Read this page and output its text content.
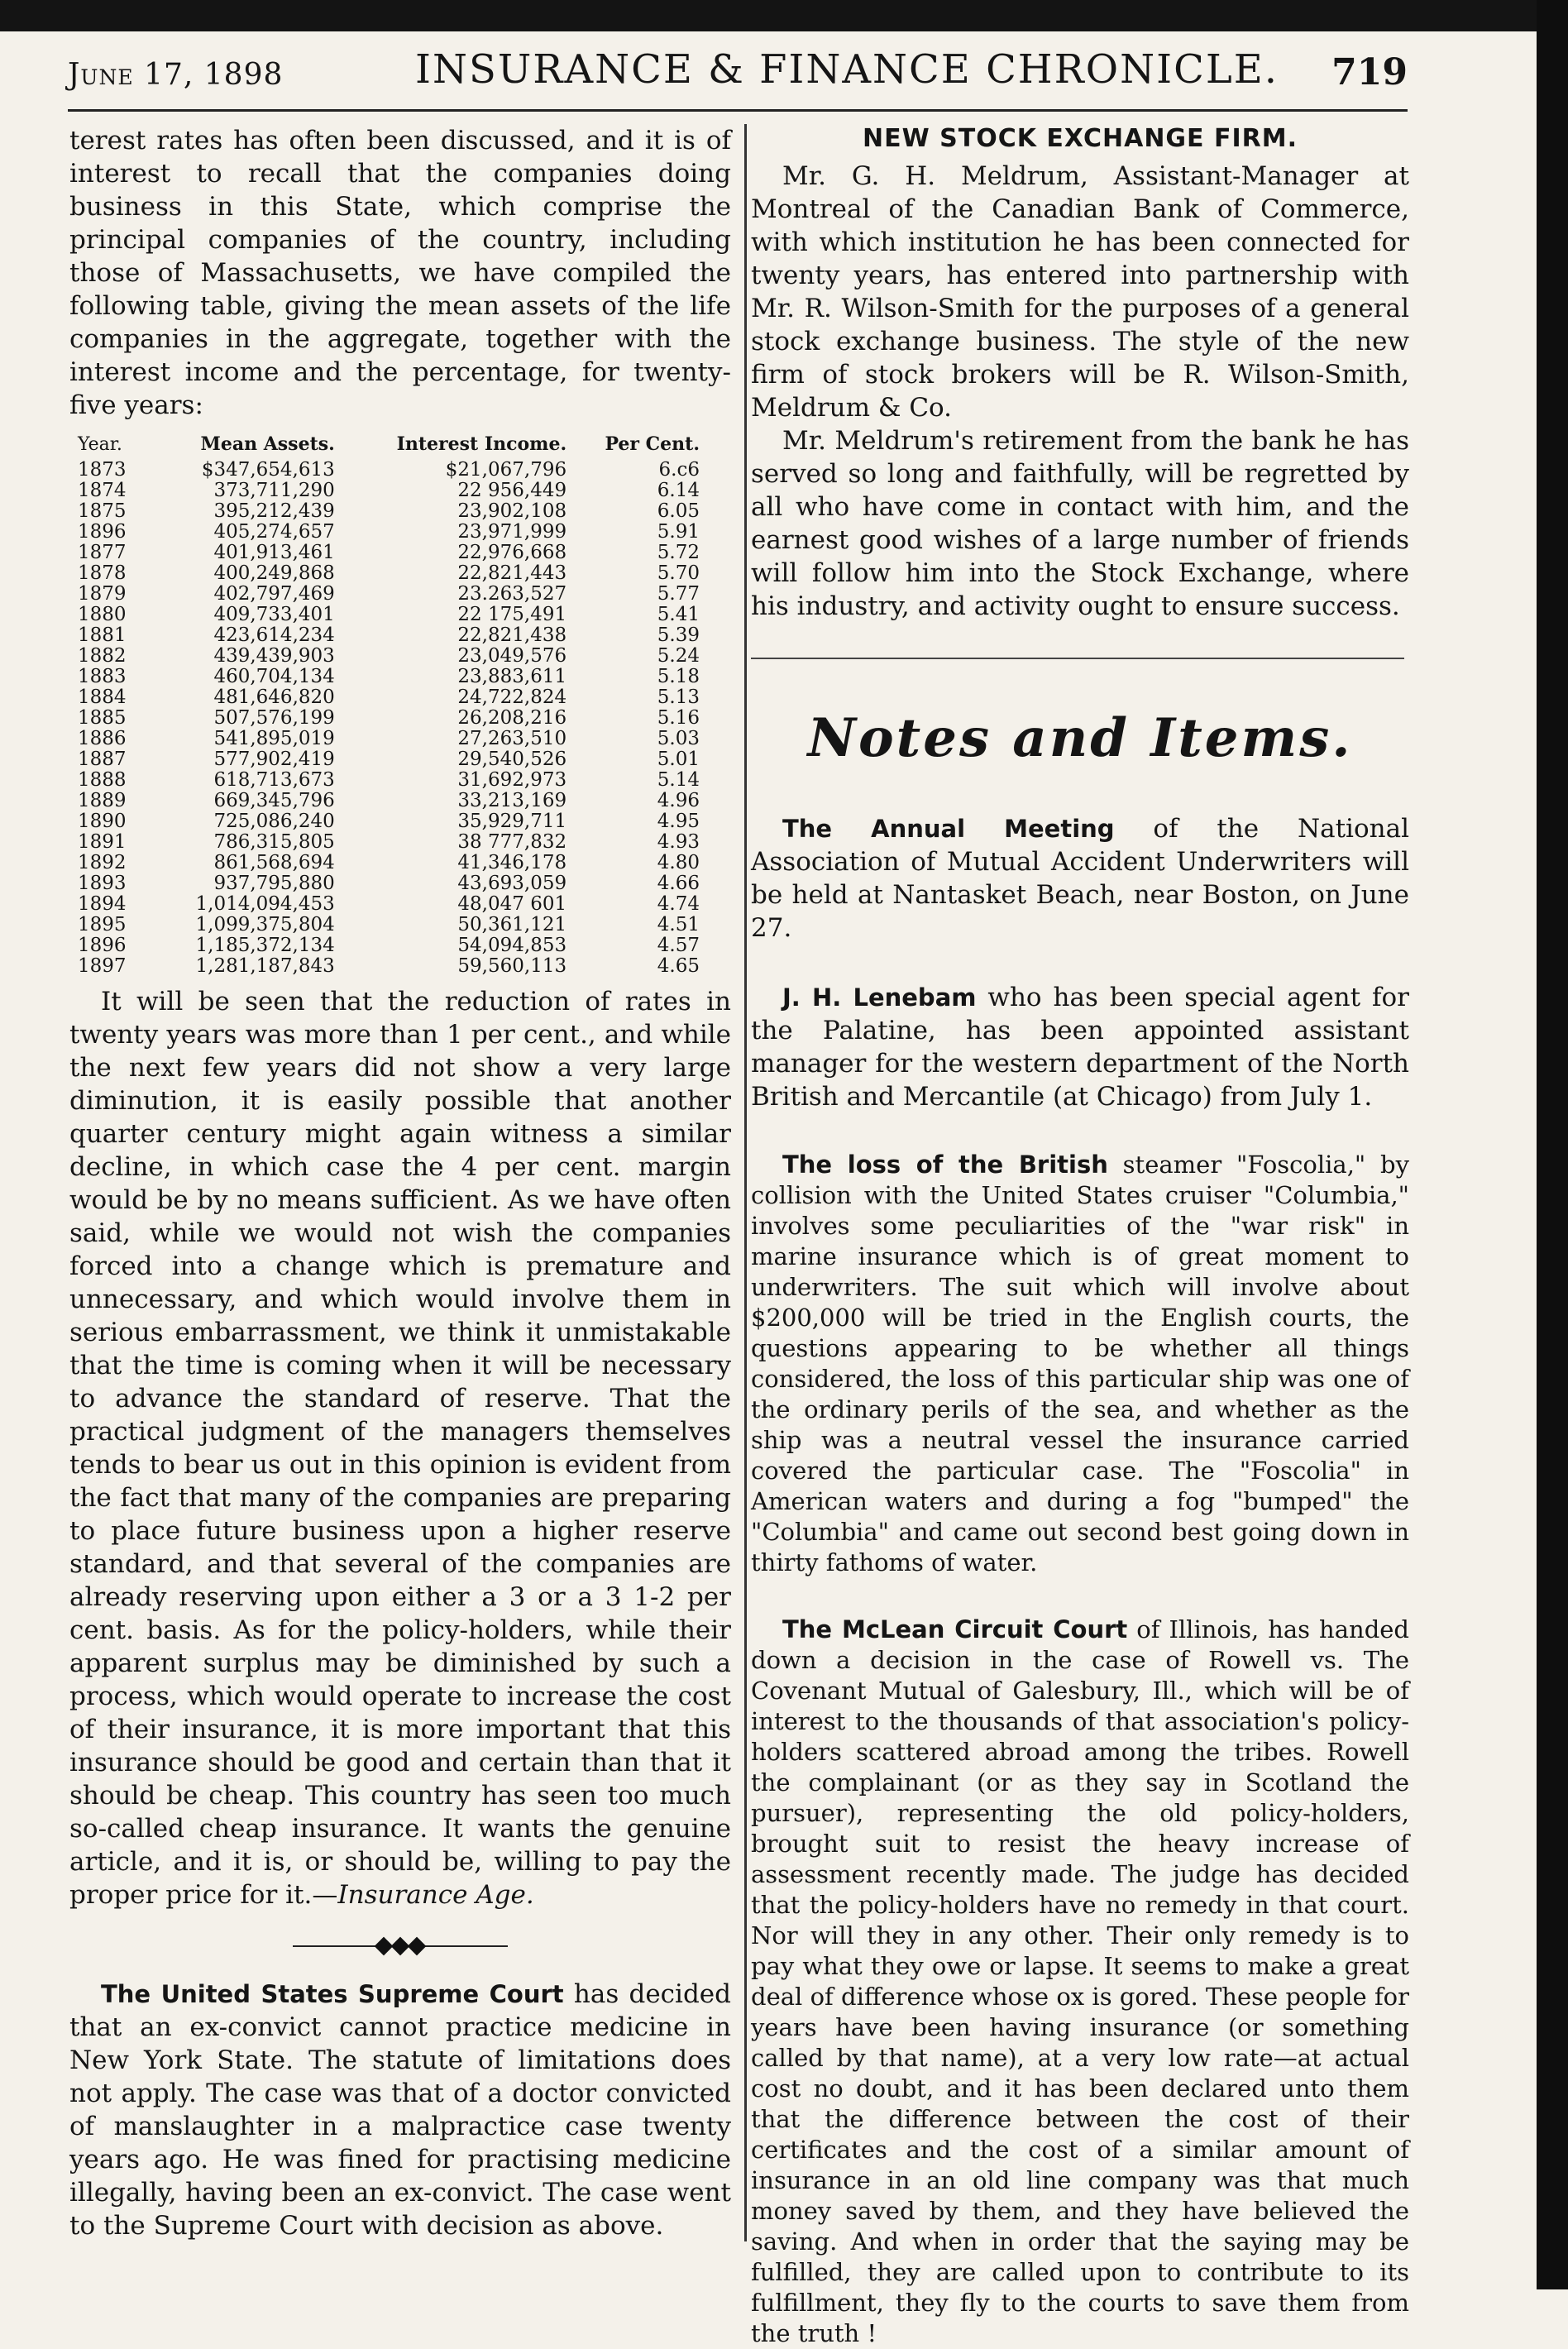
June 17, 1898	INSURANCE & FINANCE CHRONICLE. 719

terest rates has often been discussed, and it is of interest to recall that the companies doing business in this State, which comprise the principal companies of the country, including those of Massachusetts, we have compiled the following table, giving the mean assets of the life companies in the aggregate, together with the interest income and the percentage, for twenty-five years:

Year.	Mean Assets.	Interest Income.	Per Cent.
1873	$347,654,613	$21,067,796	6.c6
1874	373,711,290	22 956,449	6.14
1875	395,212,439	23,902,108	6.05
1896	405,274,657	23,971,999	5.91
1877	401,913,461	22,976,668	5.72
1878	400,249,868	22,821,443	5.70
1879	402,797,469	23.263,527	5.77
1880	409,733,401	22 175,491	5.41
1881	423,614,234	22,821,438	5.39
1882	439,439,903	23,049,576	5.24
1883	460,704,134	23,883,611	5.18
1884	481,646,820	24,722,824	5.13
1885	507,576,199	26,208,216	5.16
1886	541,895,019	27,263,510	5.03
1887	577,902,419	29,540,526	5.01
1888	618,713,673	31,692,973	5.14
1889	669,345,796	33,213,169	4.96
1890	725,086,240	35,929,711	4.95
1891	786,315,805	38 777,832	4.93
1892	861,568,694	41,346,178	4.80
1893	937,795,880	43,693,059	4.66
1894	1,014,094,453	48,047 601	4.74
1895	1,099,375,804	50,361,121	4.51
1896	1,185,372,134	54,094,853	4.57
1897	1,281,187,843	59,560,113	4.65

It will be seen that the reduction of rates in twenty years was more than 1 per cent., and while the next few years did not show a very large diminution, it is easily possible that another quarter century might again witness a similar decline, in which case the 4 per cent. margin would be by no means sufficient. As we have often said, while we would not wish the companies forced into a change which is premature and unnecessary, and which would involve them in serious embarrassment, we think it unmistakable that the time is coming when it will be necessary to advance the standard of reserve. That the practical judgment of the managers themselves tends to bear us out in this opinion is evident from the fact that many of the companies are preparing to place future business upon a higher reserve standard, and that several of the companies are already reserving upon either a 3 or a 3 1-2 per cent. basis. As for the policy-holders, while their apparent surplus may be diminished by such a process, which would operate to increase the cost of their insurance, it is more important that this insurance should be good and certain than that it should be cheap. This country has seen too much so-called cheap insurance. It wants the genuine article, and it is, or should be, willing to pay the proper price for it.—Insurance Age.

The United States Supreme Court has decided that an ex-convict cannot practice medicine in New York State. The statute of limitations does not apply. The case was that of a doctor convicted of manslaughter in a malpractice case twenty years ago. He was fined for practising medicine illegally, having been an ex-convict. The case went to the Supreme Court with decision as above.

NEW STOCK EXCHANGE FIRM.

Mr. G. H. Meldrum, Assistant-Manager at Montreal of the Canadian Bank of Commerce, with which institution he has been connected for twenty years, has entered into partnership with Mr. R. Wilson-Smith for the purposes of a general stock exchange business. The style of the new firm of stock brokers will be R. Wilson-Smith, Meldrum & Co.

Mr. Meldrum's retirement from the bank he has served so long and faithfully, will be regretted by all who have come in contact with him, and the earnest good wishes of a large number of friends will follow him into the Stock Exchange, where his industry, and activity ought to ensure success.

Notes and Items.

The Annual Meeting of the National Association of Mutual Accident Underwriters will be held at Nantasket Beach, near Boston, on June 27.

J. H. Lenebam who has been special agent for the Palatine, has been appointed assistant manager for the western department of the North British and Mercantile (at Chicago) from July 1.

The loss of the British steamer "Foscolia," by collision with the United States cruiser "Columbia," involves some peculiarities of the "war risk" in marine insurance which is of great moment to underwriters. The suit which will involve about $200,000 will be tried in the English courts, the questions appearing to be whether all things considered, the loss of this particular ship was one of the ordinary perils of the sea, and whether as the ship was a neutral vessel the insurance carried covered the particular case. The "Foscolia" in American waters and during a fog "bumped" the "Columbia" and came out second best going down in thirty fathoms of water.

The McLean Circuit Court of Illinois, has handed down a decision in the case of Rowell vs. The Covenant Mutual of Galesbury, Ill., which will be of interest to the thousands of that association's policy-holders scattered abroad among the tribes. Rowell the complainant (or as they say in Scotland the pursuer), representing the old policy-holders, brought suit to resist the heavy increase of assessment recently made. The judge has decided that the policy-holders have no remedy in that court. Nor will they in any other. Their only remedy is to pay what they owe or lapse. It seems to make a great deal of difference whose ox is gored. These people for years have been having insurance (or something called by that name), at a very low rate—at actual cost no doubt, and it has been declared unto them that the difference between the cost of their certificates and the cost of a similar amount of insurance in an old line company was that much money saved by them, and they have believed the saving. And when in order that the saying may be fulfilled, they are called upon to contribute to its fulfillment, they fly to the courts to save them from the truth !
